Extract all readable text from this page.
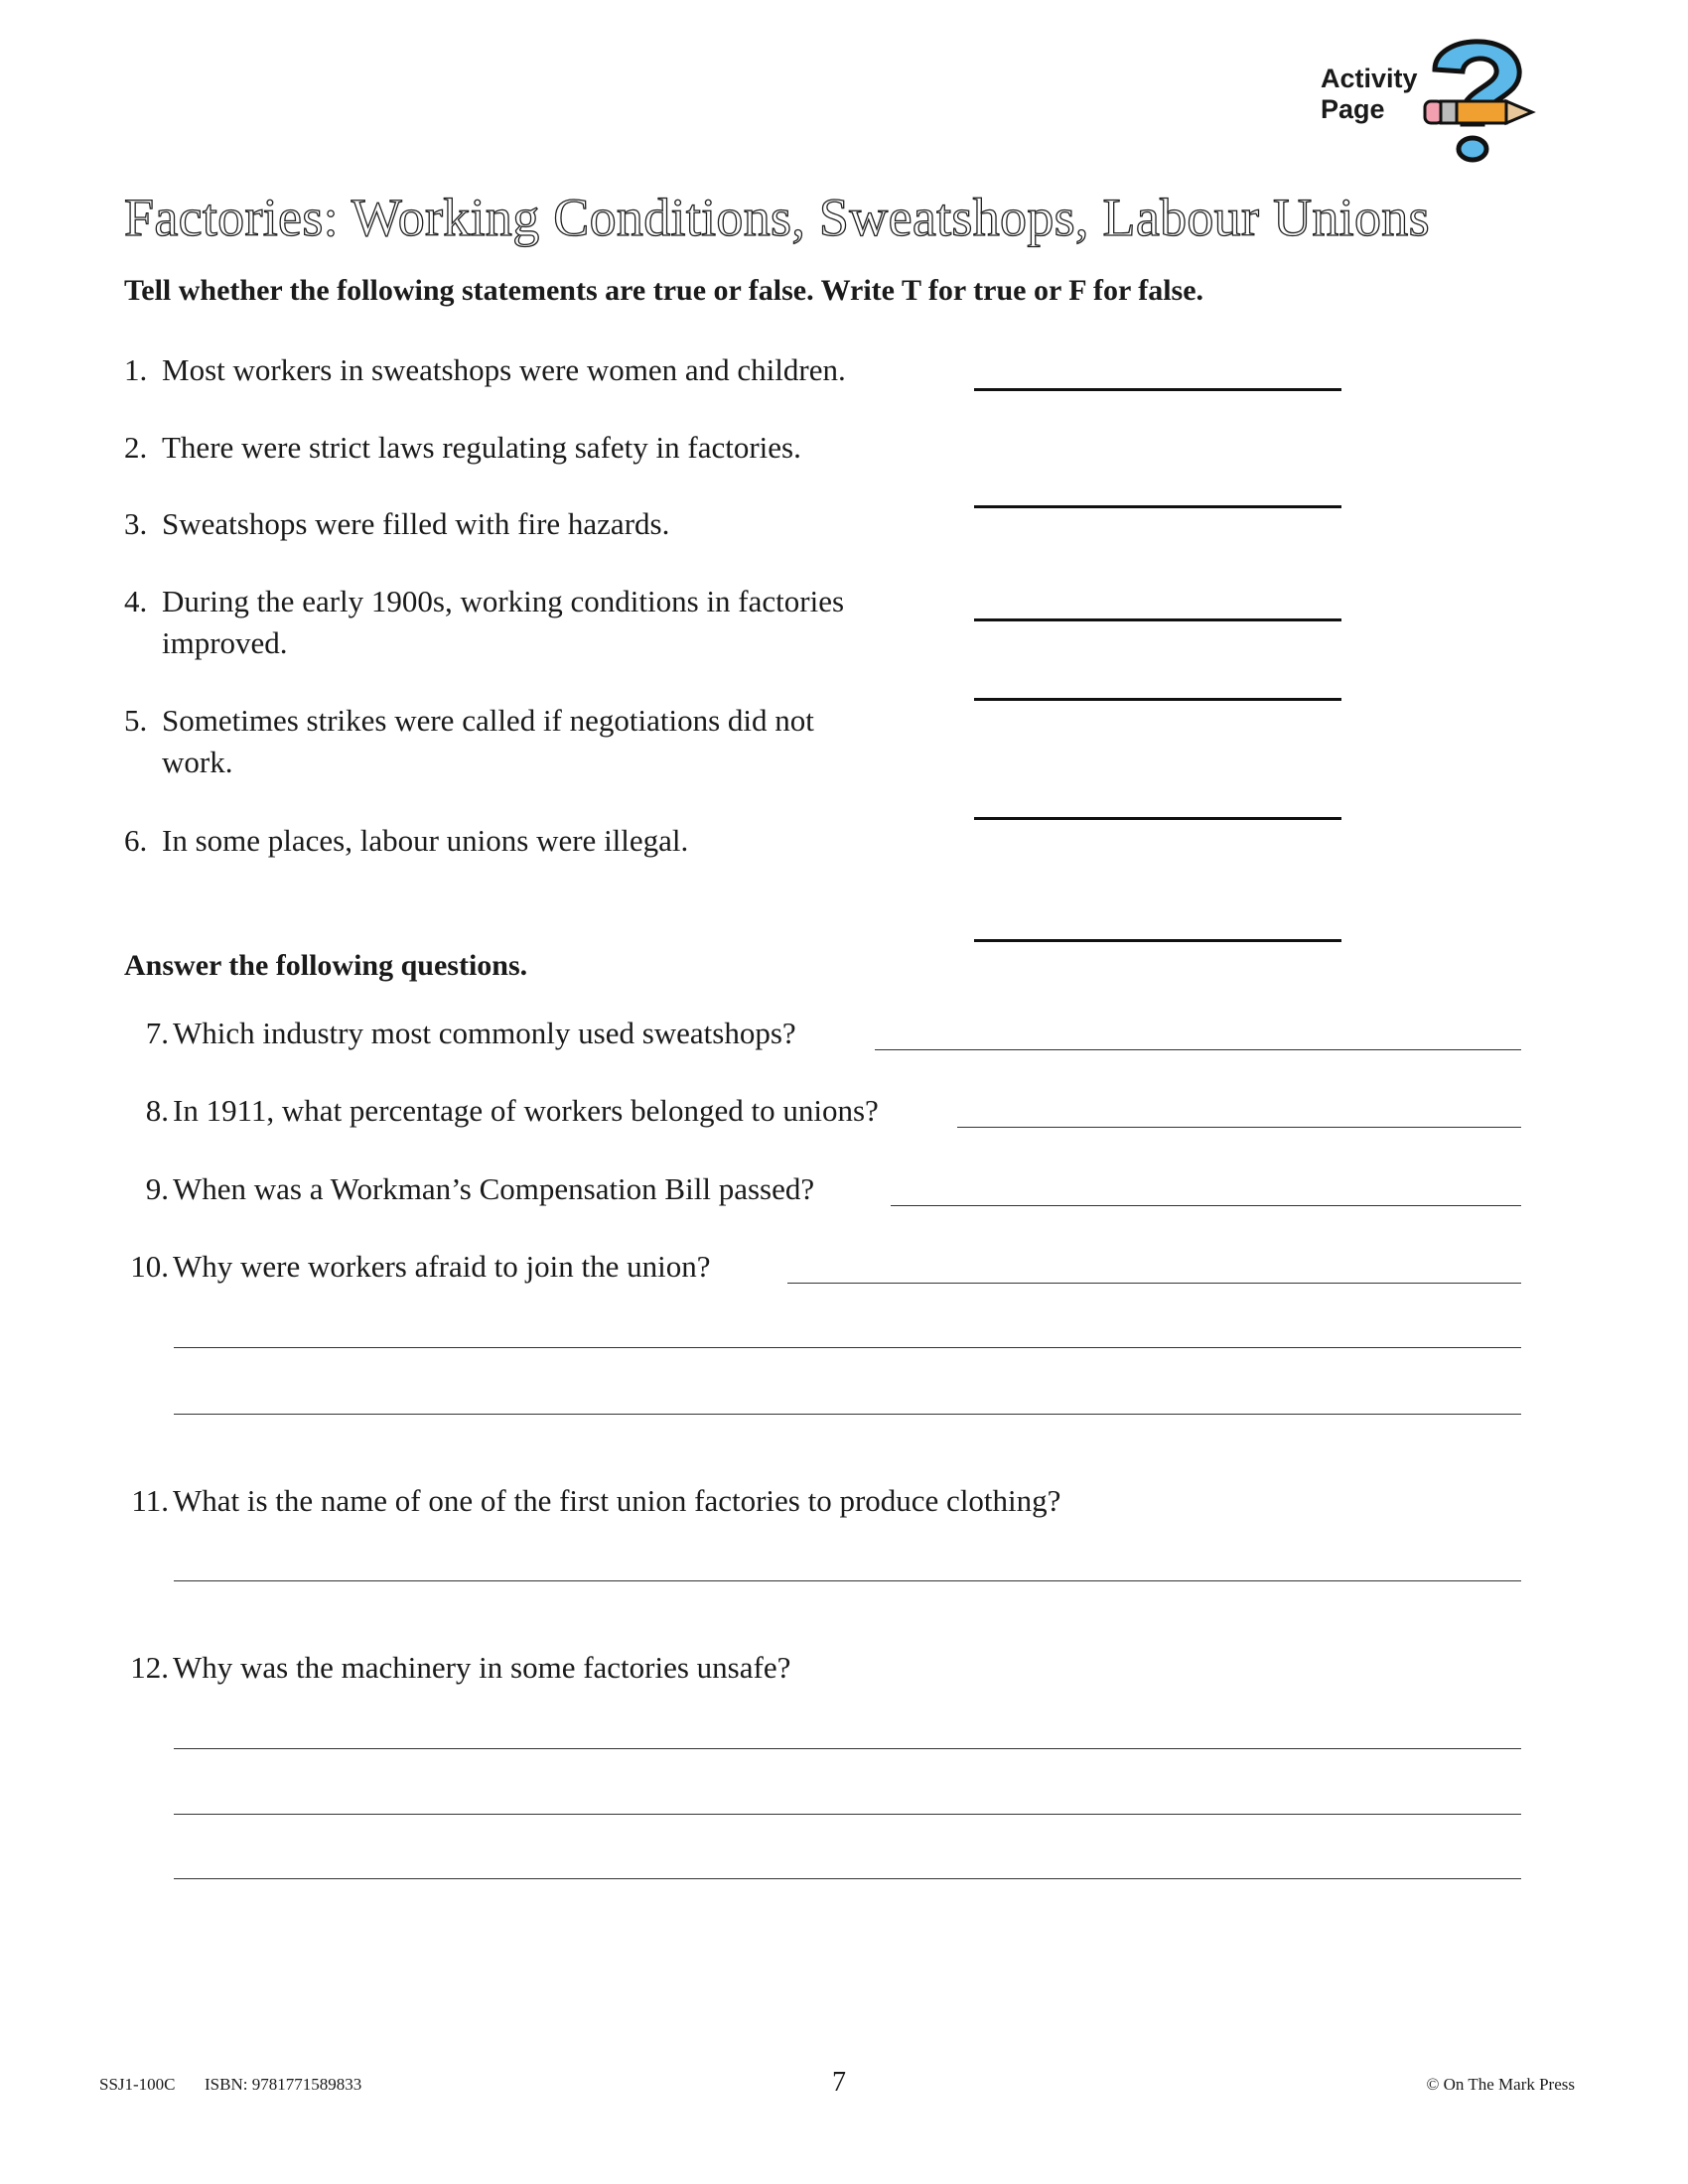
Activity
Page
Factories: Working Conditions, Sweatshops, Labour Unions
Tell whether the following statements are true or false. Write T for true or F for false.
1. Most workers in sweatshops were women and children.
2. There were strict laws regulating safety in factories.
3. Sweatshops were filled with fire hazards.
4. During the early 1900s, working conditions in factories
improved.
5. Sometimes strikes were called if negotiations did not
work.
6. In some places, labour unions were illegal.
Answer the following questions.
7. Which industry most commonly used sweatshops?
8. In 1911, what percentage of workers belonged to unions?
9. When was a Workman’s Compensation Bill passed?
10. Why were workers afraid to join the union?
11. What is the name of one of the first union factories to produce clothing?
12. Why was the machinery in some factories unsafe?
SSJ1-100C ISBN: 9781771589833	7	© On The Mark Press
